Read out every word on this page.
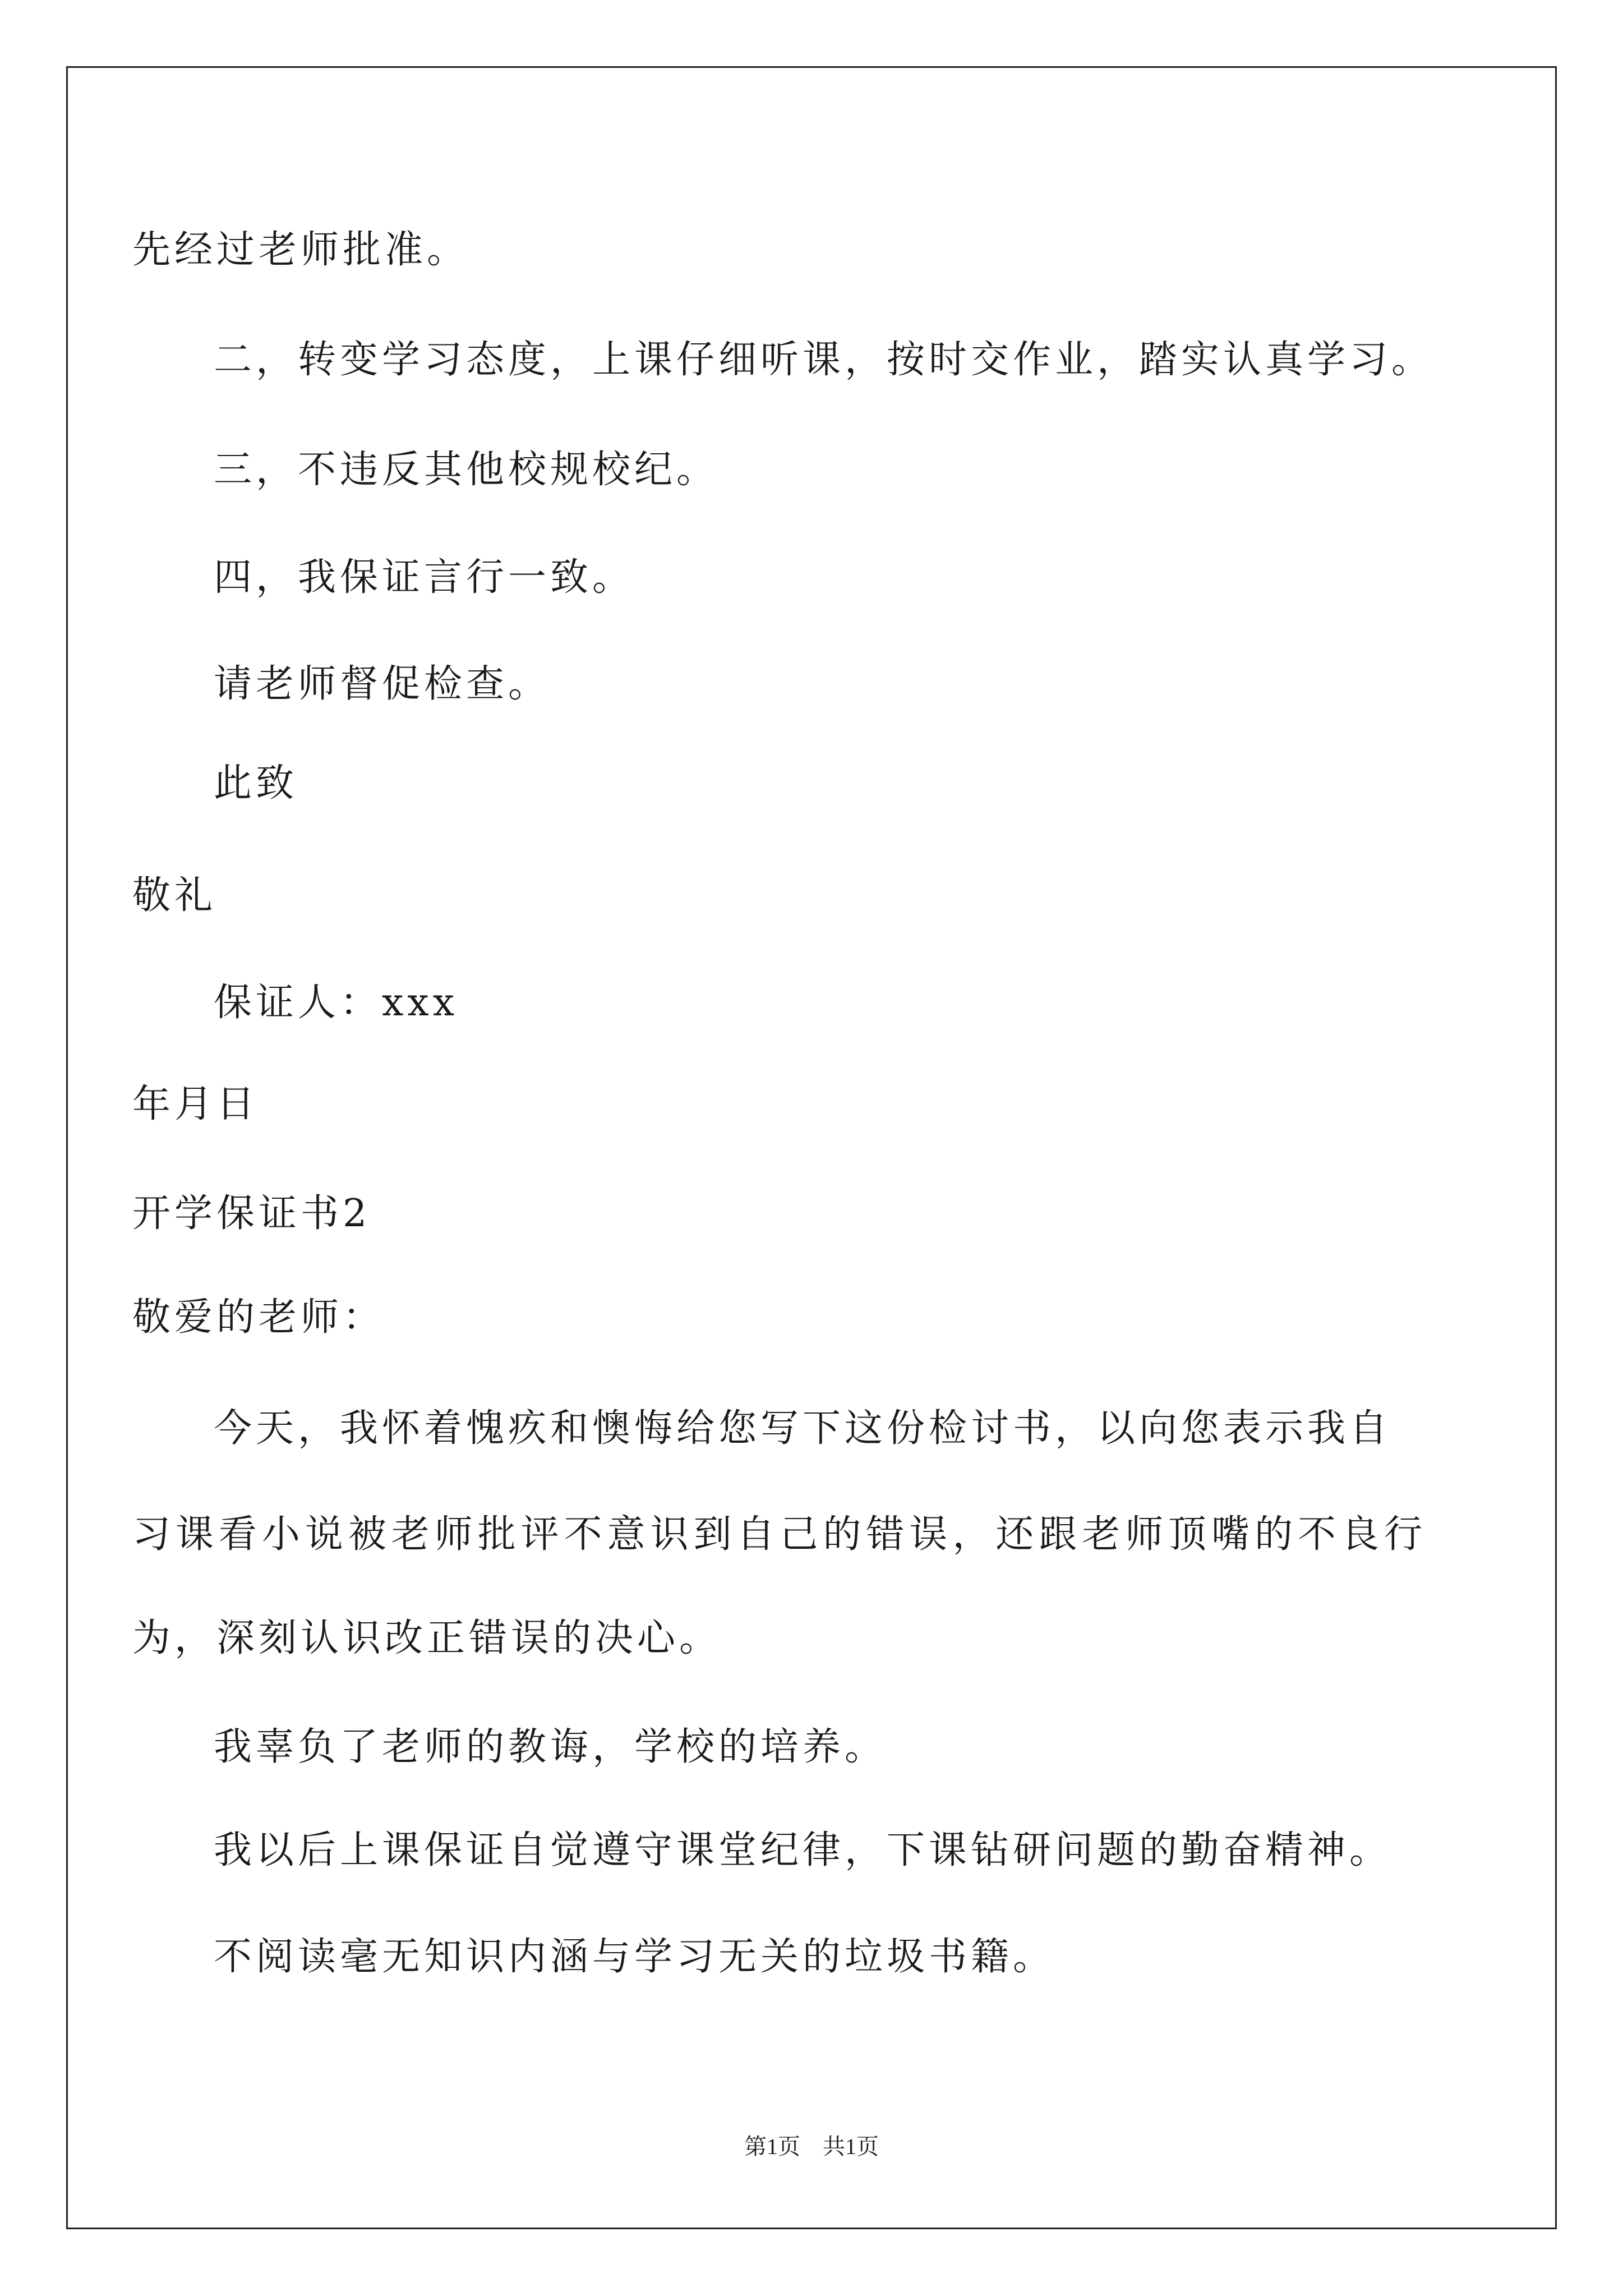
先经过老师批准。
二，转变学习态度，上课仔细听课，按时交作业，踏实认真学习。
三，不违反其他校规校纪。
四，我保证言行一致。
请老师督促检查。
此致
敬礼
保证人：xxx
年月日
开学保证书2
敬爱的老师：
今天，我怀着愧疚和懊悔给您写下这份检讨书，以向您表示我自
习课看小说被老师批评不意识到自己的错误，还跟老师顶嘴的不良行
为，深刻认识改正错误的决心。
我辜负了老师的教诲，学校的培养。
我以后上课保证自觉遵守课堂纪律，下课钻研问题的勤奋精神。
不阅读毫无知识内涵与学习无关的垃圾书籍。
第1页　共1页
